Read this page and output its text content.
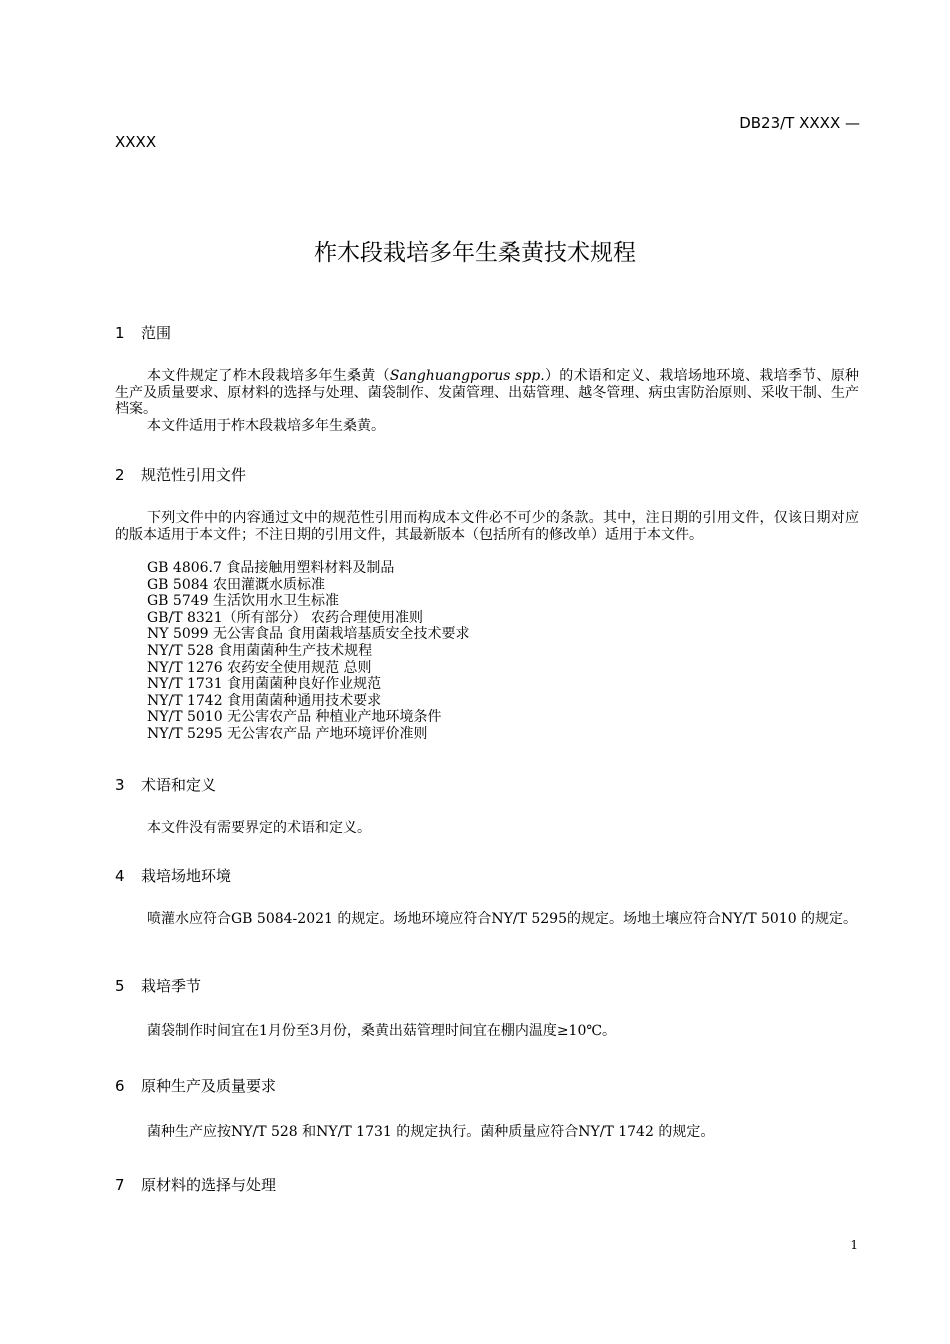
DB23/T XXXX —
XXXX
柞木段栽培多年生桑黄技术规程
1 范围
本文件规定了柞木段栽培多年生桑黄（Sanghuangporus spp.）的术语和定义、栽培场地环境、栽培季节、原种生产及质量要求、原材料的选择与处理、菌袋制作、发菌管理、出菇管理、越冬管理、病虫害防治原则、采收干制、生产档案。
本文件适用于柞木段栽培多年生桑黄。
2 规范性引用文件
下列文件中的内容通过文中的规范性引用而构成本文件必不可少的条款。其中，注日期的引用文件，仅该日期对应的版本适用于本文件；不注日期的引用文件，其最新版本（包括所有的修改单）适用于本文件。
GB 4806.7 食品接触用塑料材料及制品
GB 5084 农田灌溉水质标准
GB 5749 生活饮用水卫生标准
GB/T 8321（所有部分） 农药合理使用准则
NY 5099 无公害食品 食用菌栽培基质安全技术要求
NY/T 528 食用菌菌种生产技术规程
NY/T 1276 农药安全使用规范 总则
NY/T 1731 食用菌菌种良好作业规范
NY/T 1742 食用菌菌种通用技术要求
NY/T 5010 无公害农产品 种植业产地环境条件
NY/T 5295 无公害农产品 产地环境评价准则
3 术语和定义
本文件没有需要界定的术语和定义。
4 栽培场地环境
喷灌水应符合GB 5084-2021 的规定。场地环境应符合NY/T 5295的规定。场地土壤应符合NY/T 5010 的规定。
5 栽培季节
菌袋制作时间宜在1月份至3月份，桑黄出菇管理时间宜在棚内温度≥10℃。
6 原种生产及质量要求
菌种生产应按NY/T 528 和NY/T 1731 的规定执行。菌种质量应符合NY/T 1742 的规定。
7 原材料的选择与处理
1
